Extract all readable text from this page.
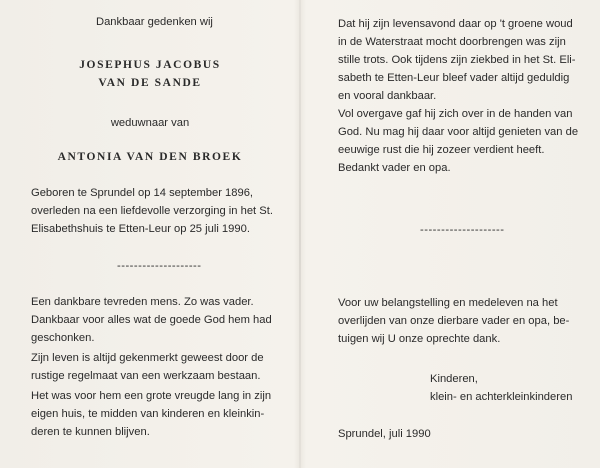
Dankbaar gedenken wij
JOSEPHUS JACOBUS
VAN DE SANDE
weduwnaar van
ANTONIA VAN DEN BROEK
Geboren te Sprundel op 14 september 1896,
overleden na een liefdevolle verzorging in het St.
Elisabethshuis te Etten-Leur op 25 juli 1990.
--------------------
Een dankbare tevreden mens. Zo was vader.
Dankbaar voor alles wat de goede God hem had
geschonken.
Zijn leven is altijd gekenmerkt geweest door de
rustige regelmaat van een werkzaam bestaan.
Het was voor hem een grote vreugde lang in zijn
eigen huis, te midden van kinderen en kleinkin-
deren te kunnen blijven.
Dat hij zijn levensavond daar op 't groene woud
in de Waterstraat mocht doorbrengen was zijn
stille trots. Ook tijdens zijn ziekbed in het St. Eli-
sabeth te Etten-Leur bleef vader altijd geduldig
en vooral dankbaar.
Vol overgave gaf hij zich over in de handen van
God. Nu mag hij daar voor altijd genieten van de
eeuwige rust die hij zozeer verdient heeft.
Bedankt vader en opa.
--------------------
Voor uw belangstelling en medeleven na het
overlijden van onze dierbare vader en opa, be-
tuigen wij U onze oprechte dank.
Kinderen,
klein- en achterkleinkinderen
Sprundel, juli 1990
